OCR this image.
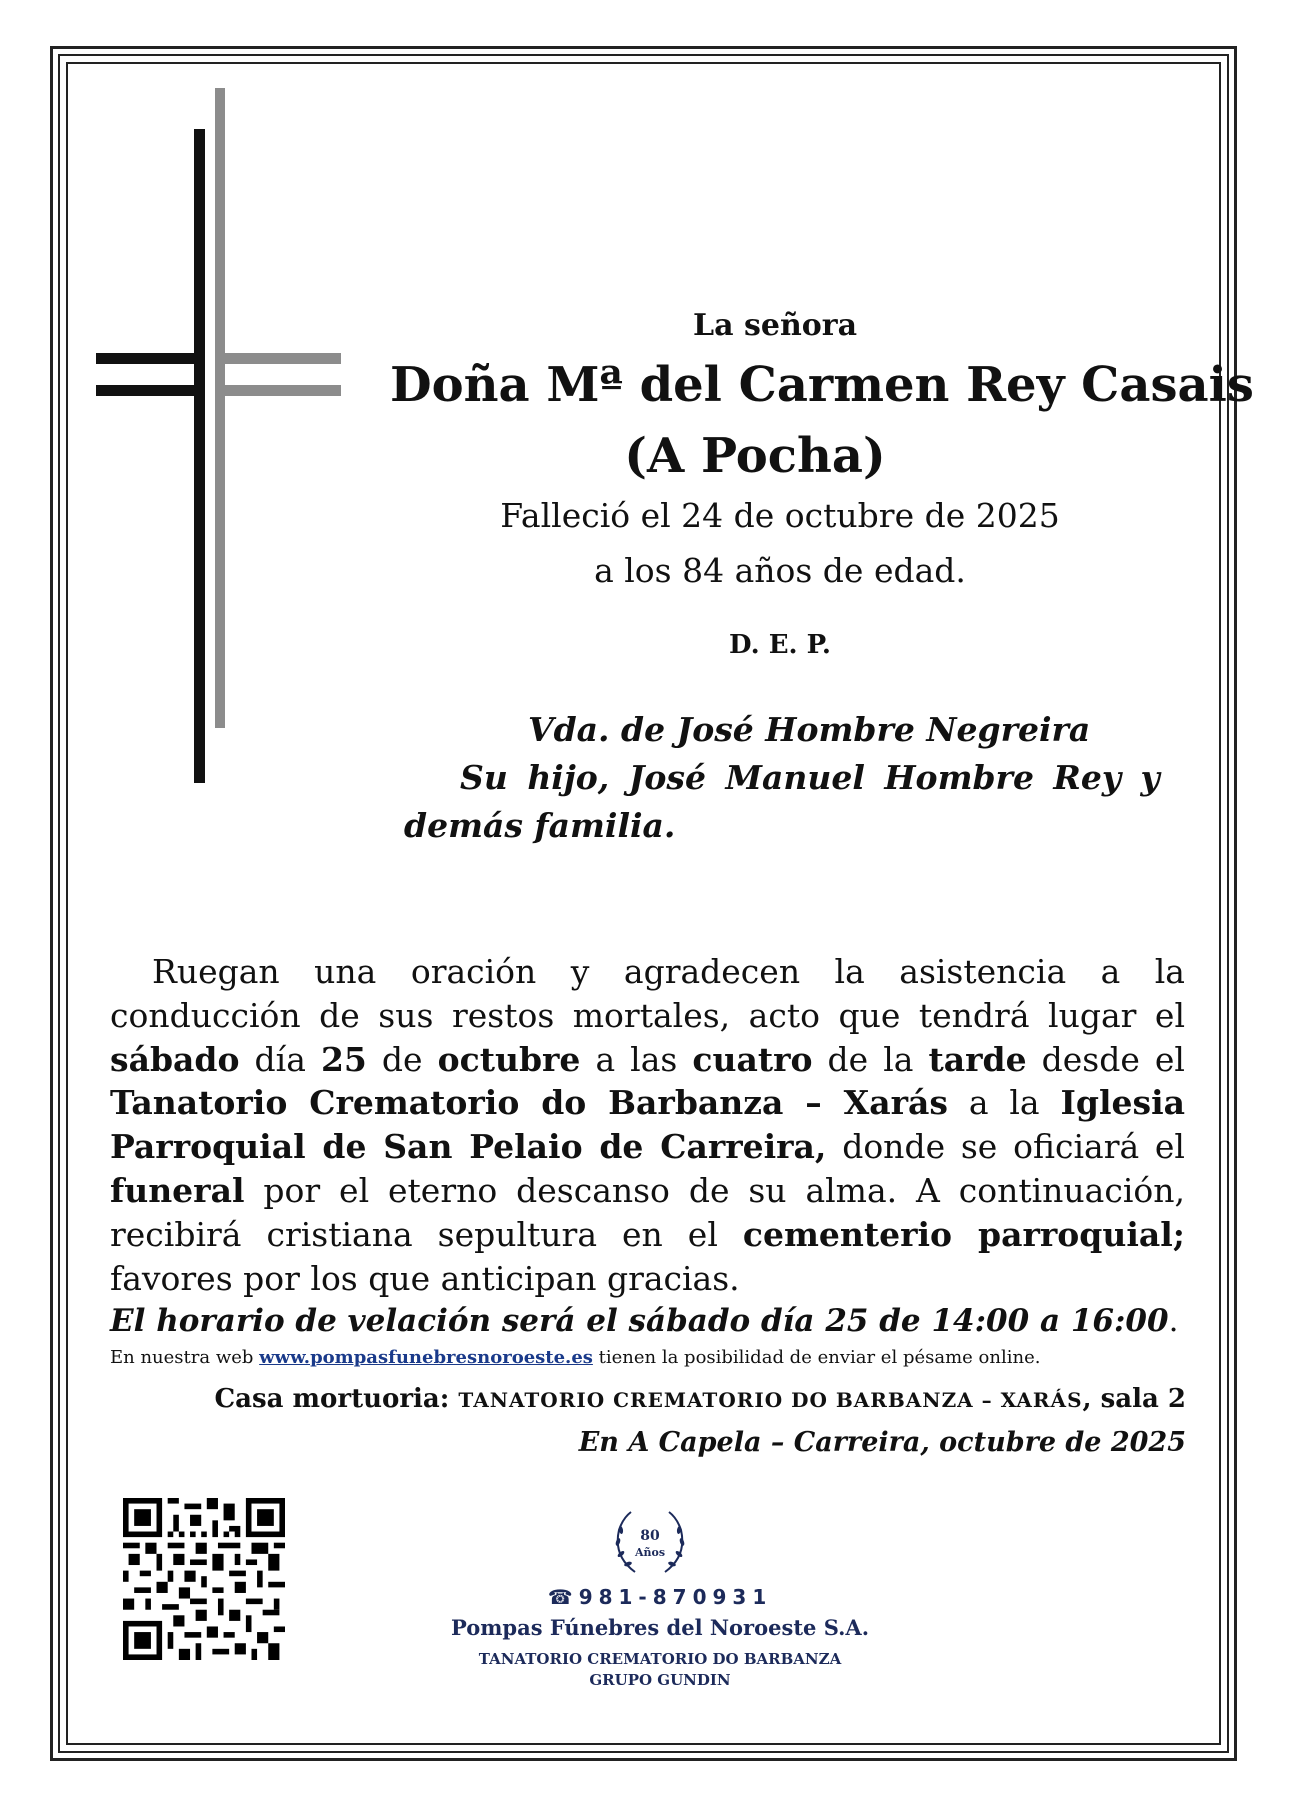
La señora
Doña Mª del Carmen Rey Casais
(A Pocha)
Falleció el 24 de octubre de 2025
a los 84 años de edad.
D. E. P.
Vda. de José Hombre Negreira
Su hijo, José Manuel Hombre Rey y
demás familia.
Ruegan una oración y agradecen la asistencia a la conducción de sus restos mortales, acto que tendrá lugar el sábado día 25 de octubre a las cuatro de la tarde desde el Tanatorio Crematorio do Barbanza – Xarás a la Iglesia Parroquial de San Pelaio de Carreira, donde se oficiará el funeral por el eterno descanso de su alma. A continuación, recibirá cristiana sepultura en el cementerio parroquial; favores por los que anticipan gracias.
El horario de velación será el sábado día 25 de 14:00 a 16:00.
En nuestra web www.pompasfunebresnoroeste.es tienen la posibilidad de enviar el pésame online.
Casa mortuoria: TANATORIO CREMATORIO DO BARBANZA – XARÁS, sala 2
En A Capela – Carreira, octubre de 2025
80
Años
☎981-870931
Pompas Fúnebres del Noroeste S.A.
TANATORIO CREMATORIO DO BARBANZA
GRUPO GUNDIN
